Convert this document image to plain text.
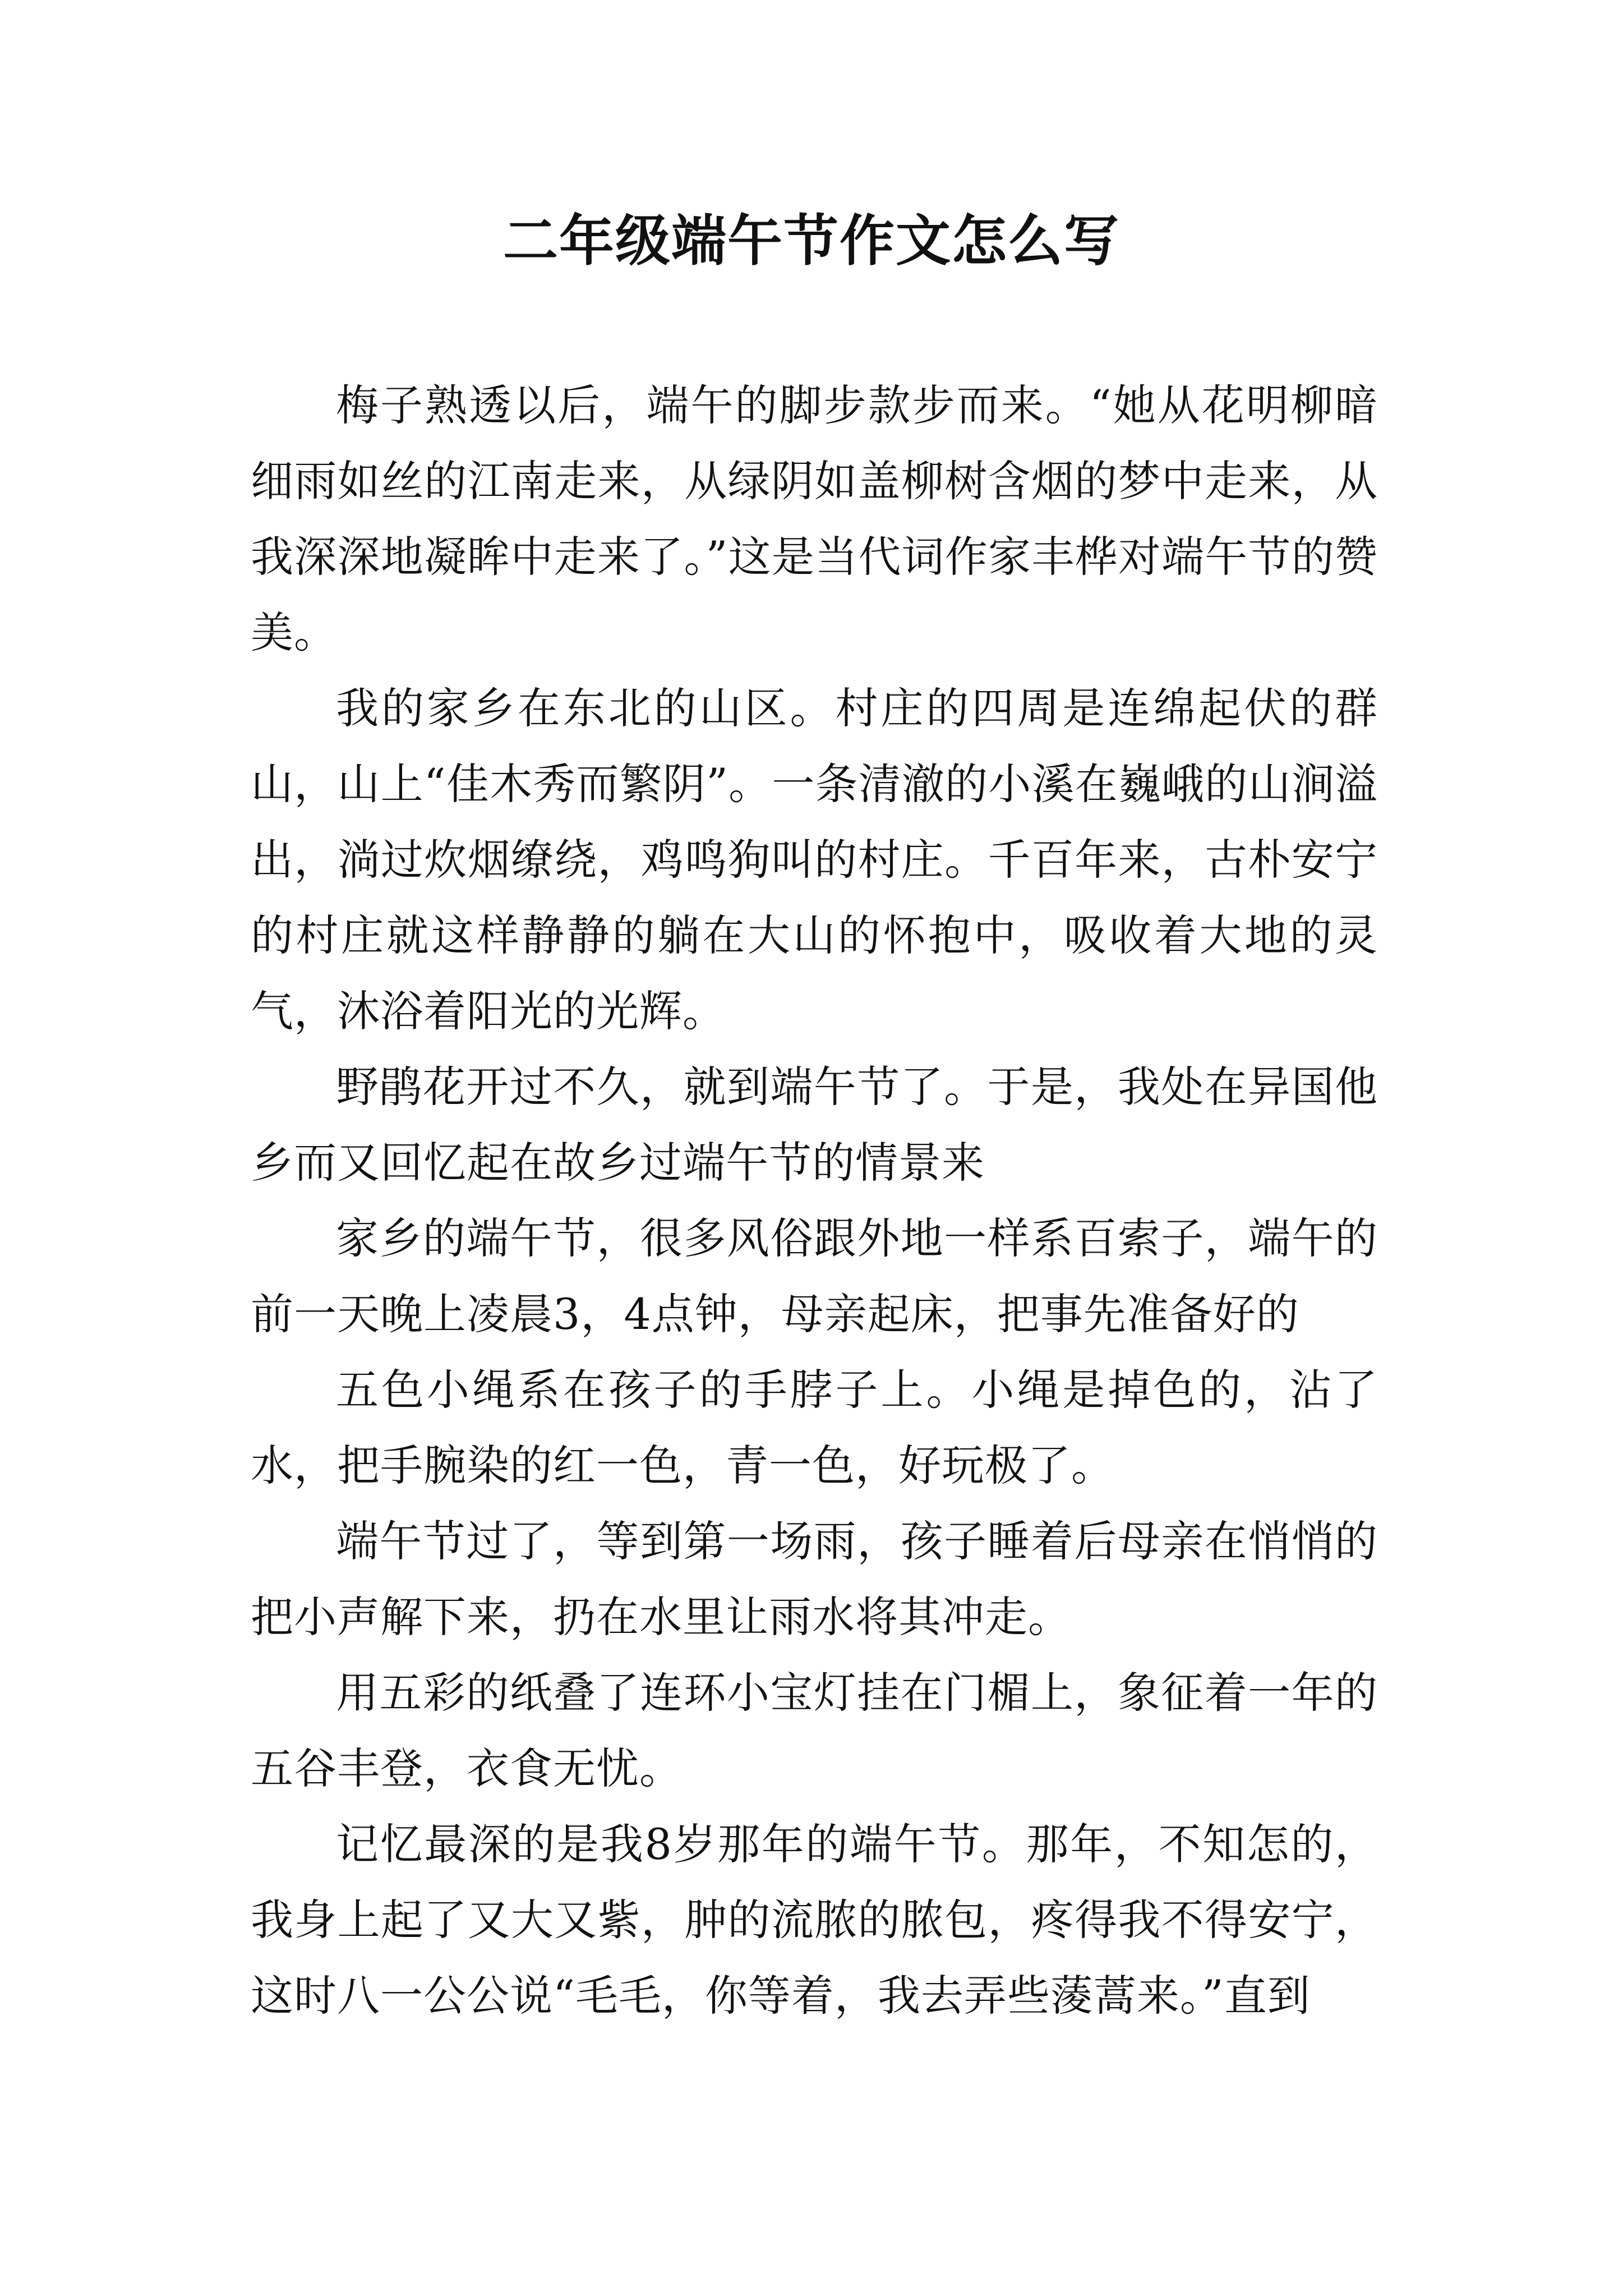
二年级端午节作文怎么写

梅子熟透以后，端午的脚步款步而来。“她从花明柳暗细雨如丝的江南走来，从绿阴如盖柳树含烟的梦中走来，从我深深地凝眸中走来了。”这是当代词作家丰桦对端午节的赞美。

我的家乡在东北的山区。村庄的四周是连绵起伏的群山，山上“佳木秀而繁阴”。一条清澈的小溪在巍峨的山涧溢出，淌过炊烟缭绕，鸡鸣狗叫的村庄。千百年来，古朴安宁的村庄就这样静静的躺在大山的怀抱中，吸收着大地的灵气，沐浴着阳光的光辉。

野鹃花开过不久，就到端午节了。于是，我处在异国他乡而又回忆起在故乡过端午节的情景来

家乡的端午节，很多风俗跟外地一样系百索子，端午的前一天晚上凌晨3，4点钟，母亲起床，把事先准备好的

五色小绳系在孩子的手脖子上。小绳是掉色的，沾了水，把手腕染的红一色，青一色，好玩极了。

端午节过了，等到第一场雨，孩子睡着后母亲在悄悄的把小声解下来，扔在水里让雨水将其冲走。

用五彩的纸叠了连环小宝灯挂在门楣上，象征着一年的五谷丰登，衣食无忧。

记忆最深的是我8岁那年的端午节。那年，不知怎的，我身上起了又大又紫，肿的流脓的脓包，疼得我不得安宁，这时八一公公说“毛毛，你等着，我去弄些蔆蒿来。”直到
